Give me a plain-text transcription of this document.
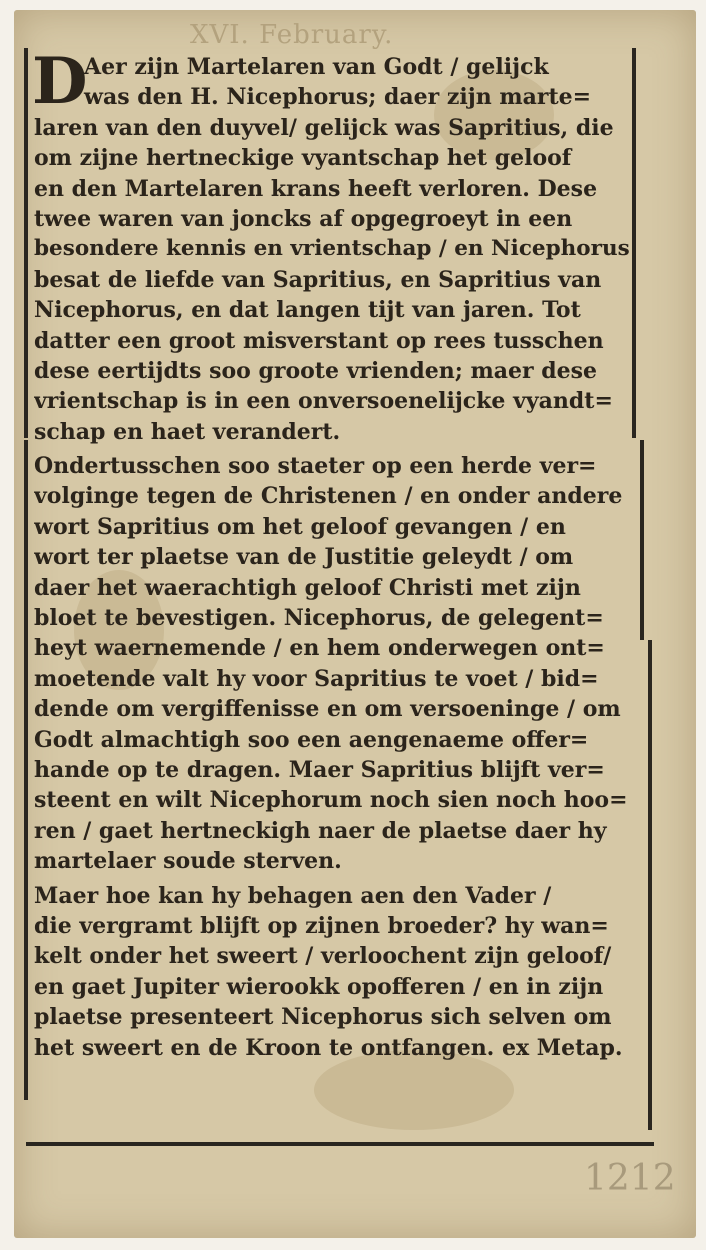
XVI. February.
D
Aer zijn Martelaren van Godt / gelijck
was den H. Nicephorus; daer zijn marte=
laren van den duyvel/ gelijck was Sapritius, die
om zijne hertneckige vyantschap het geloof
en den Martelaren krans heeft verloren. Dese
twee waren van joncks af opgegroeyt in een
besondere kennis en vrientschap / en Nicephorus
besat de liefde van Sapritius, en Sapritius van
Nicephorus, en dat langen tijt van jaren. Tot
datter een groot misverstant op rees tusschen
dese eertijdts soo groote vrienden; maer dese
vrientschap is in een onversoenelijcke vyandt=
schap en haet verandert.
Ondertusschen soo staeter op een herde ver=
volginge tegen de Christenen / en onder andere
wort Sapritius om het geloof gevangen / en
wort ter plaetse van de Justitie geleydt / om
daer het waerachtigh geloof Christi met zijn
bloet te bevestigen. Nicephorus, de gelegent=
heyt waernemende / en hem onderwegen ont=
moetende valt hy voor Sapritius te voet / bid=
dende om vergiffenisse en om versoeninge / om
Godt almachtigh soo een aengenaeme offer=
hande op te dragen. Maer Sapritius blijft ver=
steent en wilt Nicephorum noch sien noch hoo=
ren / gaet hertneckigh naer de plaetse daer hy
martelaer soude sterven.
Maer hoe kan hy behagen aen den Vader /
die vergramt blijft op zijnen broeder? hy wan=
kelt onder het sweert / verloochent zijn geloof/
en gaet Jupiter wierookk opofferen / en in zijn
plaetse presenteert Nicephorus sich selven om
het sweert en de Kroon te ontfangen. ex Metap.
1212
